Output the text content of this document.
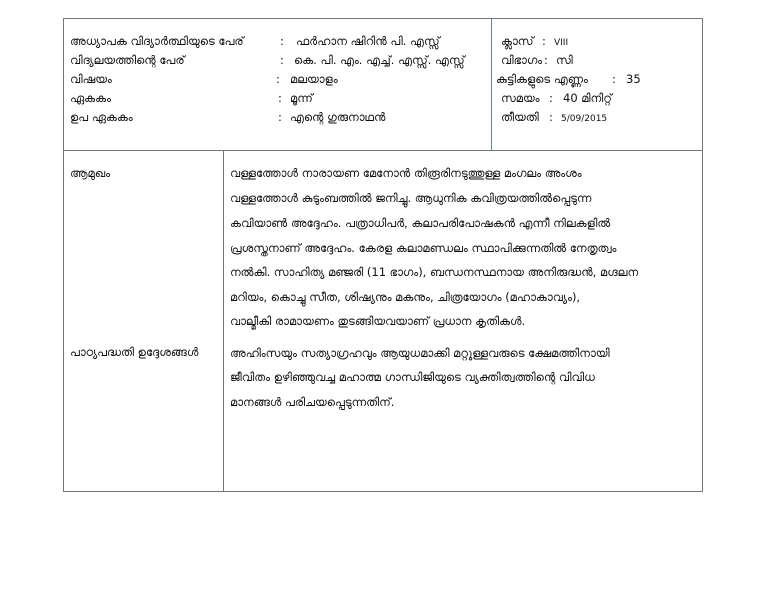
അധ്യാപക വിദ്യാർത്ഥിയുടെ പേര്	: ഫർഹാന ഷിറിൻ പി. എസ്സ്
വിദ്യലയത്തിന്റെ പേര്	: കെ. പി. എം. എച്ച്. എസ്സ്. എസ്സ്
വിഷയം	: മലയാളം
ഏകകം	: മൂന്ന്
ഉപ ഏകകം	: എന്റെ ഗുരുനാഥൻ
ക്ലാസ് : VIII
വിഭാഗം : സി
കുട്ടികളുടെ എണ്ണം : 35
സമയം : 40 മിനിറ്റ്
തീയതി : 5/09/2015
ആമുഖം	വള്ളത്തോൾ നാരായണ മേനോൻ തിരൂരിനടുത്തുള്ള മംഗലം അംശം
വള്ളത്തോൾ കുടുംബത്തിൽ ജനിച്ചു. ആധുനിക കവിത്രയത്തിൽപ്പെടുന്ന
കവിയാൺ അദ്ദേഹം. പത്രാധിപർ, കലാപരിപോഷകൻ എന്നീ നിലകളിൽ
പ്രശസ്തനാണ് അദ്ദേഹം. കേരള കലാമണ്ഡലം സ്ഥാപിക്കുന്നതിൽ നേതൃത്വം
നൽകി. സാഹിത്യ മഞ്ജരി (11 ഭാഗം), ബന്ധനസ്ഥനായ അനിരുദ്ധൻ, മഗ്ദലന
മറിയം, കൊച്ചു സീത, ശിഷ്യനും മകനും, ചിത്രയോഗം (മഹാകാവ്യം),
വാല്മീകി രാമായണം തുടങ്ങിയവയാണ് പ്രധാന കൃതികൾ.
പാഠ്യപദ്ധതി ഉദ്ദേശങ്ങൾ	അഹിംസയും സത്യാഗ്രഹവും ആയുധമാക്കി മറ്റുള്ളവരുടെ ക്ഷേമത്തിനായി
ജീവിതം ഉഴിഞ്ഞുവച്ച മഹാത്മ ഗാന്ധിജിയുടെ വ്യക്തിത്വത്തിന്റെ വിവിധ
മാനങ്ങൾ പരിചയപ്പെടുന്നതിന്.
